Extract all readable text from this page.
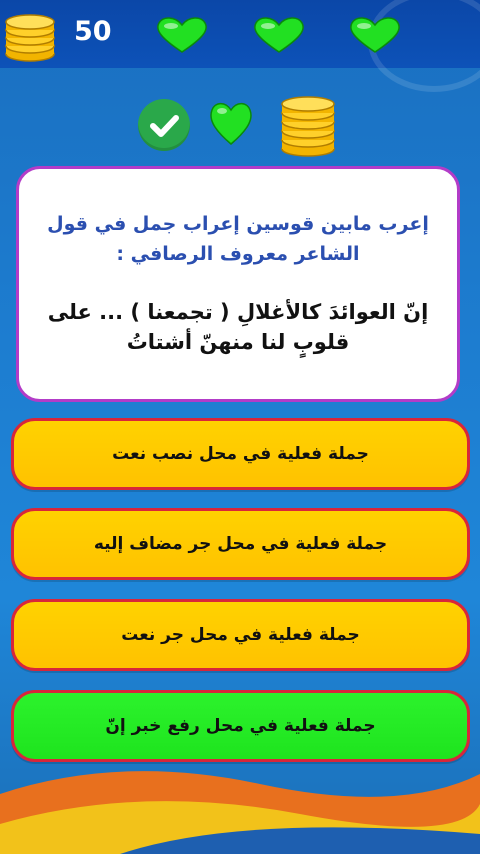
50
إعرب مابين قوسين إعراب جمل في قول الشاعر معروف الرصافي :
إنّ العوائدَ كالأغلالِ ( تجمعنا ) ... على قلوبٍ لنا منهنّ أشتاتُ
جملة فعلية في محل نصب نعت
جملة فعلية في محل جر مضاف إليه
جملة فعلية في محل جر نعت
جملة فعلية في محل رفع خبر إنّ
